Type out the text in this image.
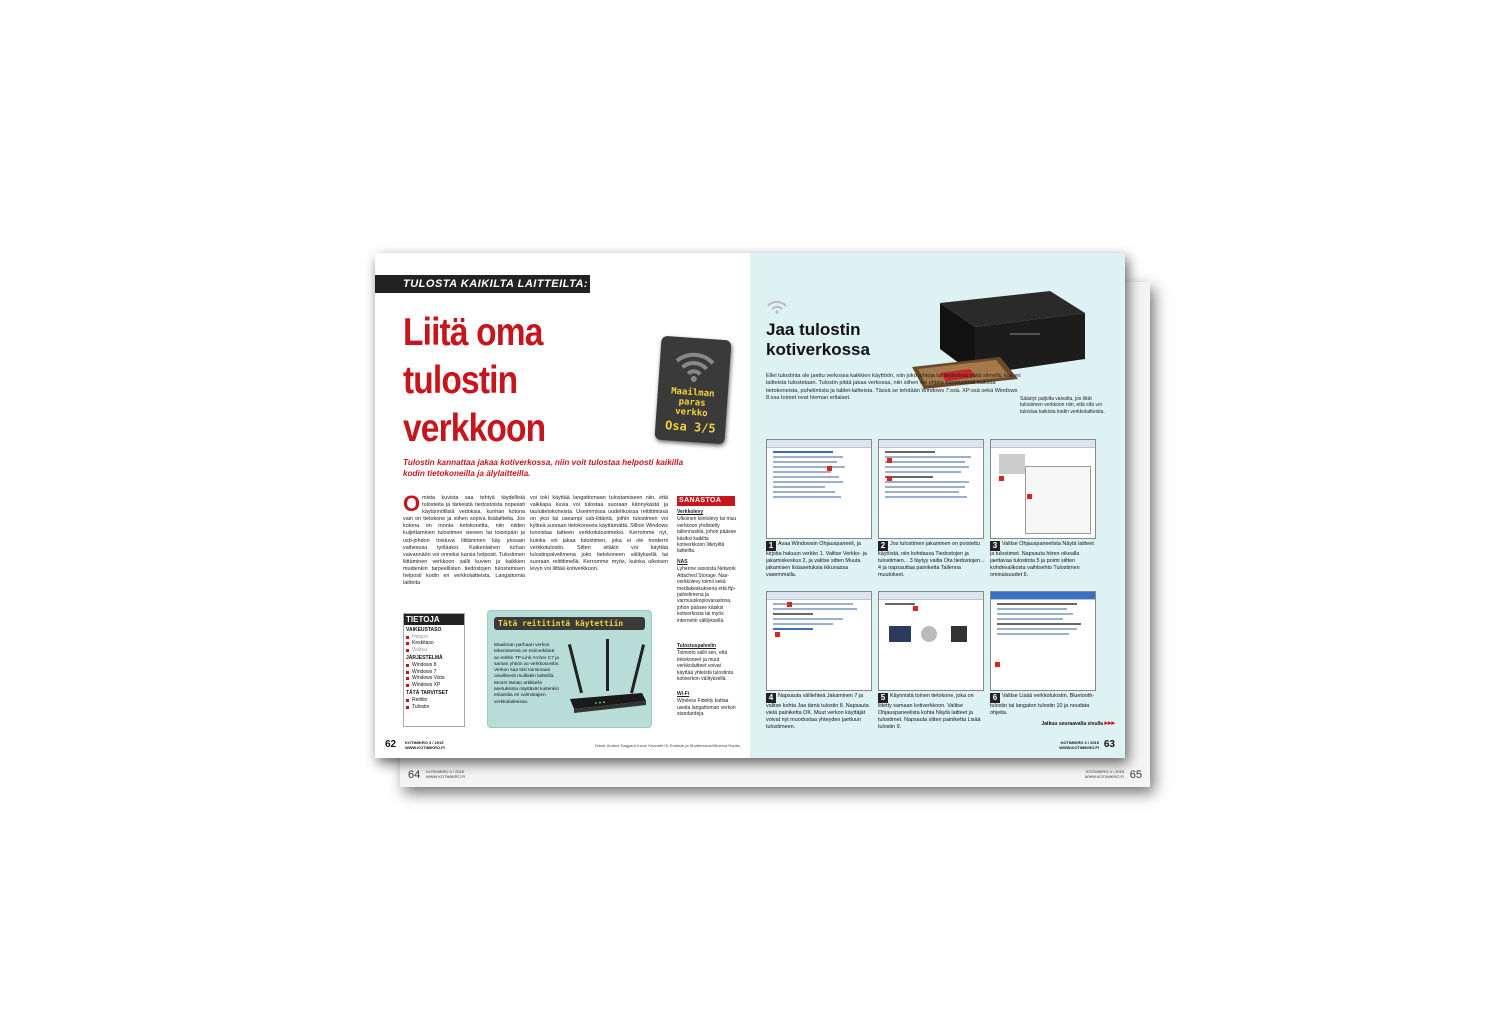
64 KOTIMIKRO 3 / 2015
WWW.KOTIMIKRO.FI
KOTIMIKRO 3 / 2015
WWW.KOTIMIKRO.FI 65
TULOSTA KAIKILTA LAITTEILTA:
Liitä oma
tulostin
verkkoon
Maailman
paras
verkko
Osa 3/5
Tulostin kannattaa jakaa kotiverkossa, niin voit tulostaa helposti kaikilla kodin tietokoneilla ja älylaitteilla.
O mista kuvista saa tehtyä täydellisiä tulosteita ja tärkeistä tiedostoista nopeasti käytännöllisiä vedoksia, kunhan kotona vain on tietokone ja siihen sopiva lisälaitteita. Jos kotona on monta tietokonetta, niin niiden kuljettaminen tulostimen viereen tai toisinpäin ja usb-johdon toistuva liittäminen käy joissain vaiheessa työläaksi. Kaikenlainen turhan vaivannäön voi onneksi karsia helposti. Tulostimen liittäminen verkkoon sallii kuvien ja kaikkien muidenkin tarpeellisten tiedostojen tulostamisen helposti kodin eri verkkolaitteista. Langattomia laitteita
voi tokí käyttää langattomaan tulostamiseen niin, että vaikkapa kuvia voi tulostaa suoraan kännykästä ja taulutietokoneista. Useimmissa uudehkoissa reitittimissä on yksi tai useampi usb-liitäntä, joihin tulostimen voi kytkeä suoraan tietokoneeta käyttämättä. Silloin Windows tunnistaa laitteen verkkotulostimeksi. Kerromme nyt, kuinka voi jakaa tulostimen, joka ei ole moderni verkkotulostin. Sitten sitäkin voi käyttää tulostinpalvelimena joko tietokoneen välityksellä tai suoraan reitittimellä. Kerromme myös, kuinka ulkoisen levyn voi liittää kotiverkkoon.
SANASTOA
Verkkolevy
Ulkoinen kiintolevy tai muu verkkoon yhdistetty tallennustila, johon pääsee käsiksi kaikilta kotiverkkoon liitetyiltä laitteilta.
NAS
Lyhenne sanoista Network Attached Storage. Nas-verkkolevy toimii sekä mediakeskuksena että ftp-palvelimena ja varmuuskopiovarastona, johon pääsee käsiksi kotiverkosta tai myös internetin välityksellä.
Tulostuspalvelin
Toiminto sallii sen, että tietokoneet ja muut verkkolaitteet voivat käyttää yhteistä tulostinta kotiverkon välityksellä.
Wi-Fi
Wireless Fidelity kattaa useita langattoman verkon standardeja.
TIETOJA
VAIKEUSTASO
Helppo
Keskitaso
Vaikea
JÄRJESTELMÄ
Windows 8
Windows 7
Windows Vista
Windows XP
TÄTÄ TARVITSET
Reititin
Tulostin
Tätä reititintä käytettiin
Maailman parhaan verkon tekemisessä on esimerkkinä ac-reititin TP-Link Archer C7 ja saman yhtiön ac-verkkosovitin. Verkon saa toki toimimaan oivallisesti muillakin laitteilla. Monet tämän artikkelin asetuksista näyttävät kuitenkin erilaisilta eri valmistajien verkkolaitteissa.
62 KOTIMIKRO 3 / 2015
WWW.KOTIMIKRO.FI	Teksti: Anders Dagpard Kuva: Kenneth Gr Embeck ja Shutterstock/Minerva Rautio
Jaa tulostin
kotiverkossa
Ellei tulostinta ole jaettu verkossa kaikkien käyttöön, niin joko johtoja tai tiedostoja pitää siirrellä, kun eri laitteista tulostetaan. Tulostin pitää jakaa verkossa, niin siihen voi ohjata tulostustöitä kaikista tietokoneista, puhelimista ja tablet-laitteista. Tässä se tehdään Windows 7:ssä. XP:ssä sekä Windows 8:ssa toimet ovat hieman erilaiset.	Säästyt paljolta vaivalta, jos liität tulostimen verkkoon niin, että sitä voi tulostaa kaikista kodin verkkolaitteista.
1 Avaa Windowsin Ohjauspaneeli, ja kirjoita hakuun verkko 1. Valitse Verkko- ja jakamiskeskus 2, ja valitse sitten Muuta jakamisen lisäasetuksia ikkunassa vasemmalla.
2 Jos tulostimen jakaminen on poistettu käytöstä, niin kohdassa Tiedostojen ja tulostimien... 3 täytyy valita Ota tiedostojen... 4 ja napsauttaa painiketta Tallenna muutokset.
3 Valitse Ohjauspaneelista Näytä laitteet ja tulostimet. Napsauta hiiren oikealla jaettavaa tulostinta 5 ja poimi siitten kohdevalikosta vaihtoehto Tulostimen ominaisuudet 6.
4 Napsauta välilehteä Jakaminen 7 ja valitse kohta Jaa tämä tulostin 8. Napsauta vielä painiketta OK. Muut verkon käyttäjät voivat nyt muodostaa yhteyden jaettuun tulostimeen.
5 Käynnistä toinen tietokone, joka on liitetty samaan kotiverkkoon. Valitse Ohjauspaneelista kohta Näytä laitteet ja tulostimet. Napsauta sitten painiketta Lisää tulostin 9.
6 Valitse Lisää verkkotulostin, Bluetooth-tulostin tai langaton tulostin 10 ja noudata ohjeita.
Jatkuu seuraavalla sivulla ▸▸▸
KOTIMIKRO 3 / 2015
WWW.KOTIMIKRO.FI 63
